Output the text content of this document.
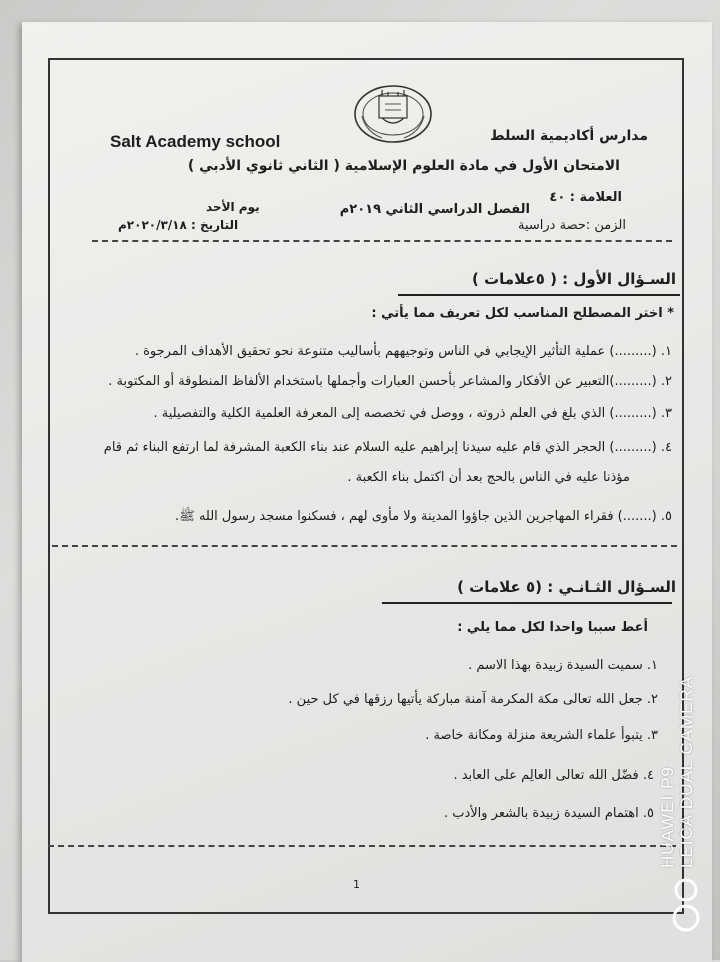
Salt Academy school	مدارس أكاديمية السلط
الامتحان الأول في مادة العلوم الإسلامية ( الثاني ثانوي الأدبي )
العلامة : ٤٠
الزمن :حصة دراسية
الفصل الدراسي الثاني ٢٠١٩م
يوم الأحد
التاريخ : ٢٠٢٠/٣/١٨م
السـؤال الأول : ( ٥علامات )
* اختر المصطلح المناسب لكل تعريف مما يأتي :
١. (.........) عملية التأثير الإيجابي في الناس وتوجيههم بأساليب متنوعة نحو تحقيق الأهداف المرجوة .
٢. (.........)التعبير عن الأفكار والمشاعر بأحسن العبارات وأجملها باستخدام الألفاظ المنطوقة أو المكتوبة .
٣. (.........) الذي بلغ في العلم ذروته ، ووصل في تخصصه إلى المعرفة العلمية الكلية والتفصيلية .
٤. (.........) الحجر الذي قام عليه سيدنا إبراهيم عليه السلام عند بناء الكعبة المشرفة لما ارتفع البناء ثم قام
مؤذنا عليه في الناس بالحج بعد أن اكتمل بناء الكعبة .
٥. (.......) فقراء المهاجرين الذين جاؤوا المدينة ولا مأوى لهم ، فسكنوا مسجد رسول الله ﷺ.
السـؤال الثـانـي : (٥ علامات )
أعط سببا واحدا لكل مما يلي :
١. سميت السيدة زبيدة بهذا الاسم .
٢. جعل الله تعالى مكة المكرمة آمنة مباركة يأتيها رزقها في كل حين .
٣. يتبوأ علماء الشريعة منزلة ومكانة خاصة .
٤. فضّل الله تعالى العالِم على العابد .
٥. اهتمام السيدة زبيدة بالشعر والأدب .
1
HUAWEI P9 LEICA DUAL CAMERA
